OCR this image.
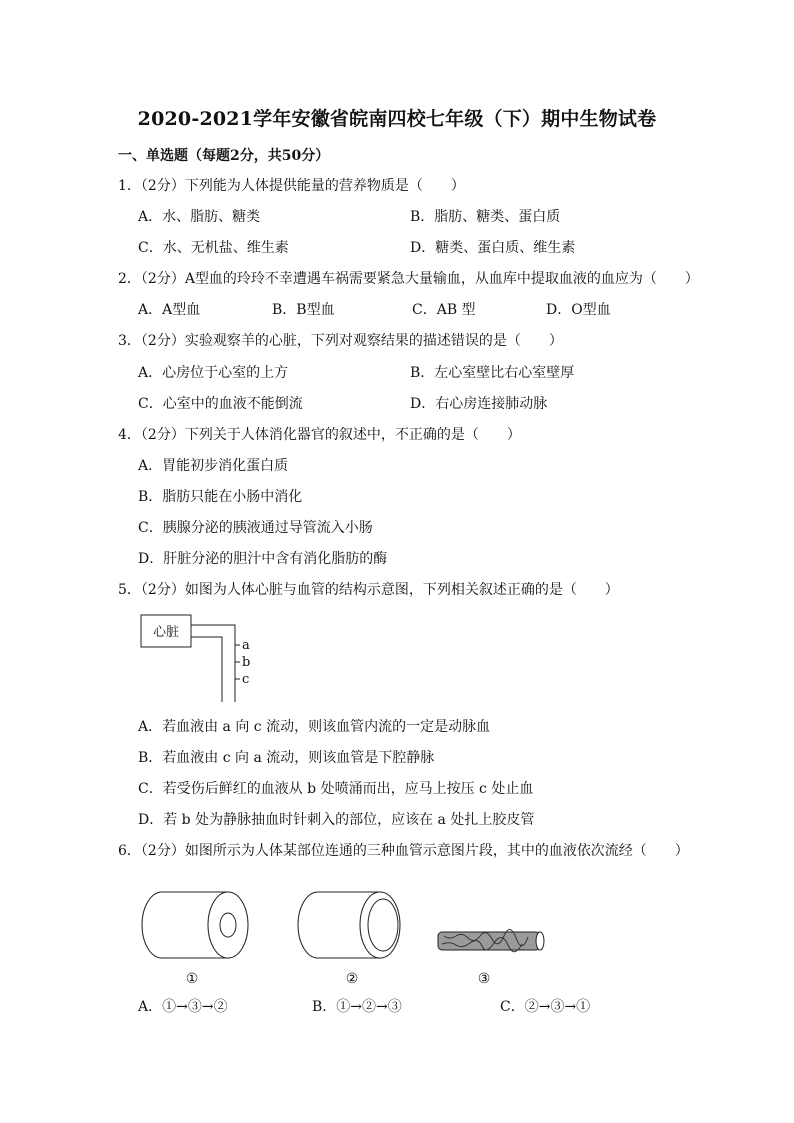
2020-2021学年安徽省皖南四校七年级（下）期中生物试卷
一、单选题（每题2分，共50分）
1．（2分）下列能为人体提供能量的营养物质是（　　）
A．水、脂肪、糖类	B．脂肪、糖类、蛋白质
C．水、无机盐、维生素	D．糖类、蛋白质、维生素
2．（2分）A型血的玲玲不幸遭遇车祸需要紧急大量输血，从血库中提取血液的血应为（　　）
A．A型血	B．B型血	C．AB 型	D．O型血
3．（2分）实验观察羊的心脏，下列对观察结果的描述错误的是（　　）
A．心房位于心室的上方	B．左心室壁比右心室壁厚
C．心室中的血液不能倒流	D．右心房连接肺动脉
4．（2分）下列关于人体消化器官的叙述中，不正确的是（　　）
A．胃能初步消化蛋白质
B．脂肪只能在小肠中消化
C．胰腺分泌的胰液通过导管流入小肠
D．肝脏分泌的胆汁中含有消化脂肪的酶
5．（2分）如图为人体心脏与血管的结构示意图，下列相关叙述正确的是（　　）
心脏
a
b
c
A．若血液由 a 向 c 流动，则该血管内流的一定是动脉血
B．若血液由 c 向 a 流动，则该血管是下腔静脉
C．若受伤后鲜红的血液从 b 处喷涌而出，应马上按压 c 处止血
D．若 b 处为静脉抽血时针刺入的部位，应该在 a 处扎上胶皮管
6．（2分）如图所示为人体某部位连通的三种血管示意图片段，其中的血液依次流经（　　）
①	②	③
A．①→③→②	B．①→②→③	C．②→③→①
